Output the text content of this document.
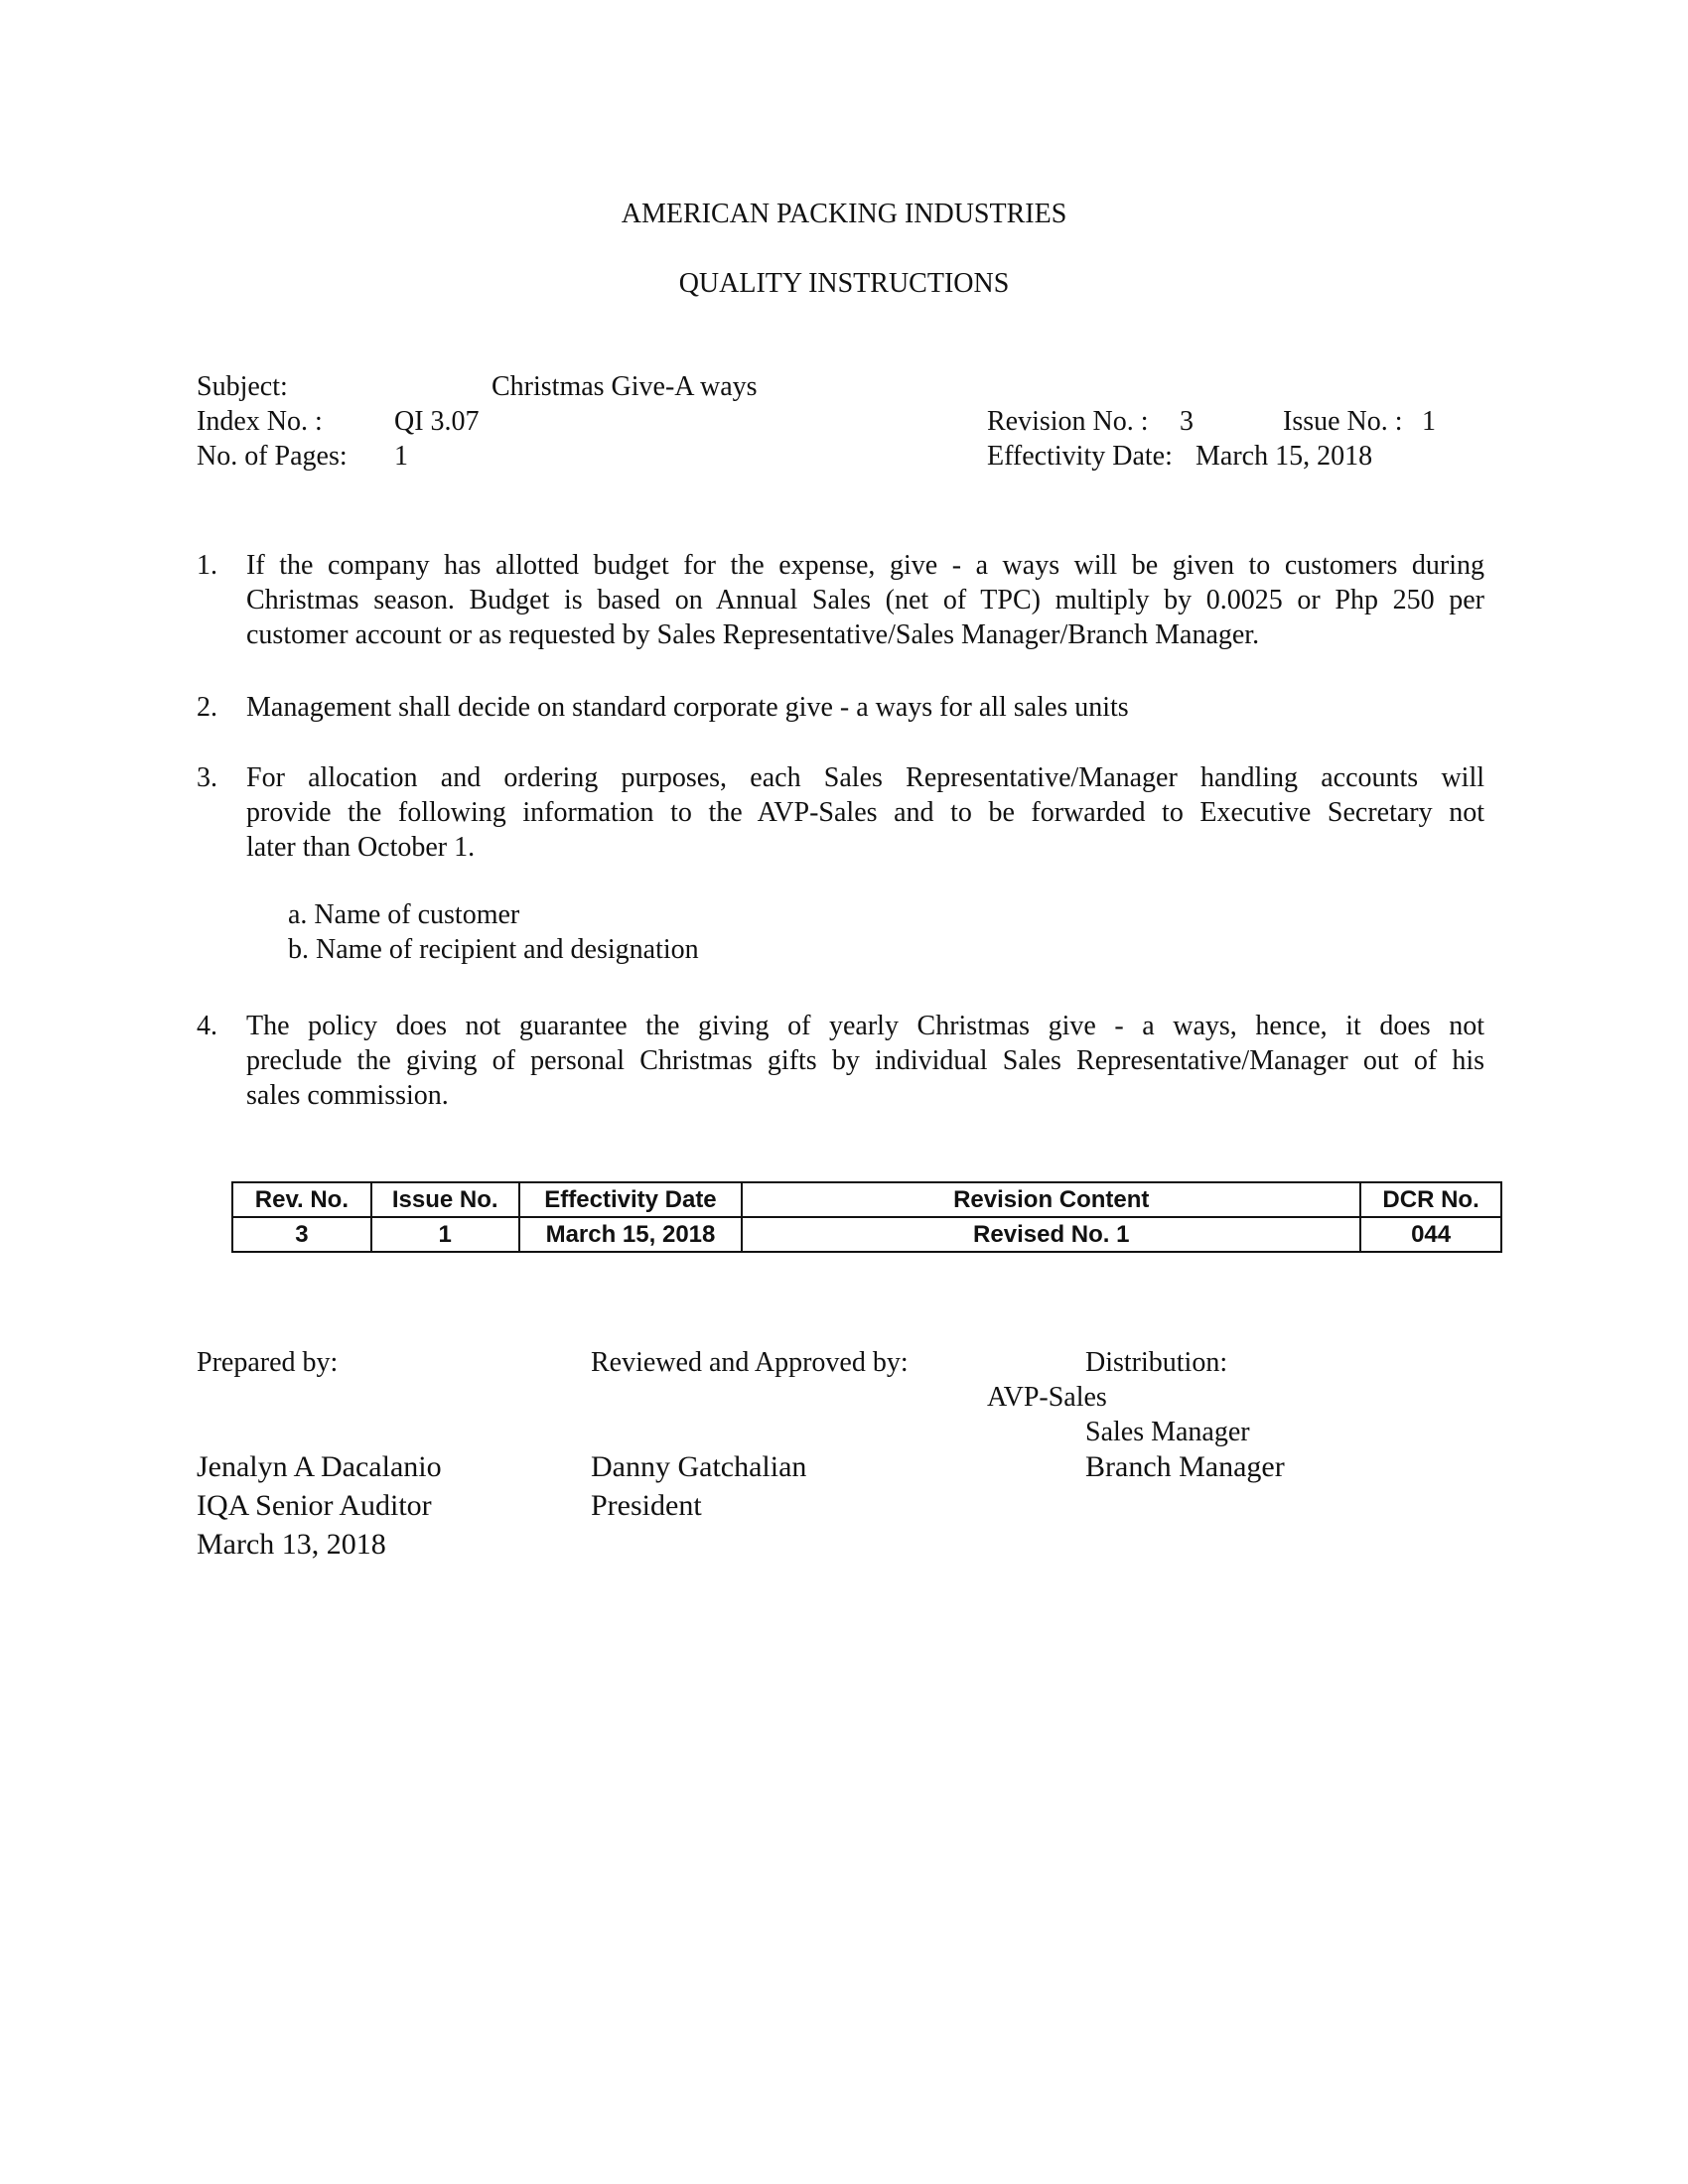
AMERICAN PACKING INDUSTRIES
QUALITY INSTRUCTIONS
Subject:	Christmas Give-A ways
Index No. :	QI 3.07
No. of Pages: 1
Revision No. : 3	Issue No. : 1
Effectivity Date: March 15, 2018
1. If the company has allotted budget for the expense, give - a ways will be given to customers during
Christmas season. Budget is based on Annual Sales (net of TPC) multiply by 0.0025 or Php 250 per
customer account or as requested by Sales Representative/Sales Manager/Branch Manager.
2. Management shall decide on standard corporate give - a ways for all sales units
3. For allocation and ordering purposes, each Sales Representative/Manager handling accounts will
provide the following information to the AVP-Sales and to be forwarded to Executive Secretary not
later than October 1.
a. Name of customer
b. Name of recipient and designation
4. The policy does not guarantee the giving of yearly Christmas give - a ways, hence, it does not
preclude the giving of personal Christmas gifts by individual Sales Representative/Manager out of his
sales commission.
Rev. No.	Issue No.	Effectivity Date	Revision Content	DCR No.
3	1	March 15, 2018	Revised No. 1	044
Prepared by:	Reviewed and Approved by:	Distribution:
AVP-Sales
Sales Manager
Branch Manager
Jenalyn A Dacalanio
IQA Senior Auditor
March 13, 2018
Danny Gatchalian
President
